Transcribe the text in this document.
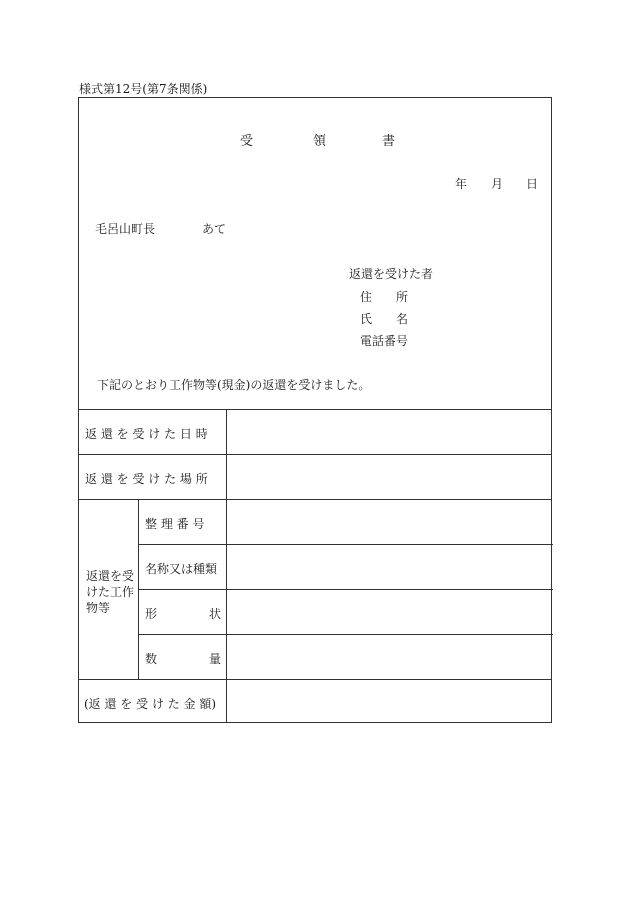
様式第12号(第7条関係)
受	領	書
年 月 日
毛呂山町長	あて
返還を受けた者
住　　所
氏　　名
電話番号
下記のとおり工作物等(現金)の返還を受けました。
返 還 を 受 け た 日 時
返 還 を 受 け た 場 所
返還を受
けた工作
物等
整 理 番 号
名称又は種類
形	状
数	量
(返 還 を 受 け た 金 額)
